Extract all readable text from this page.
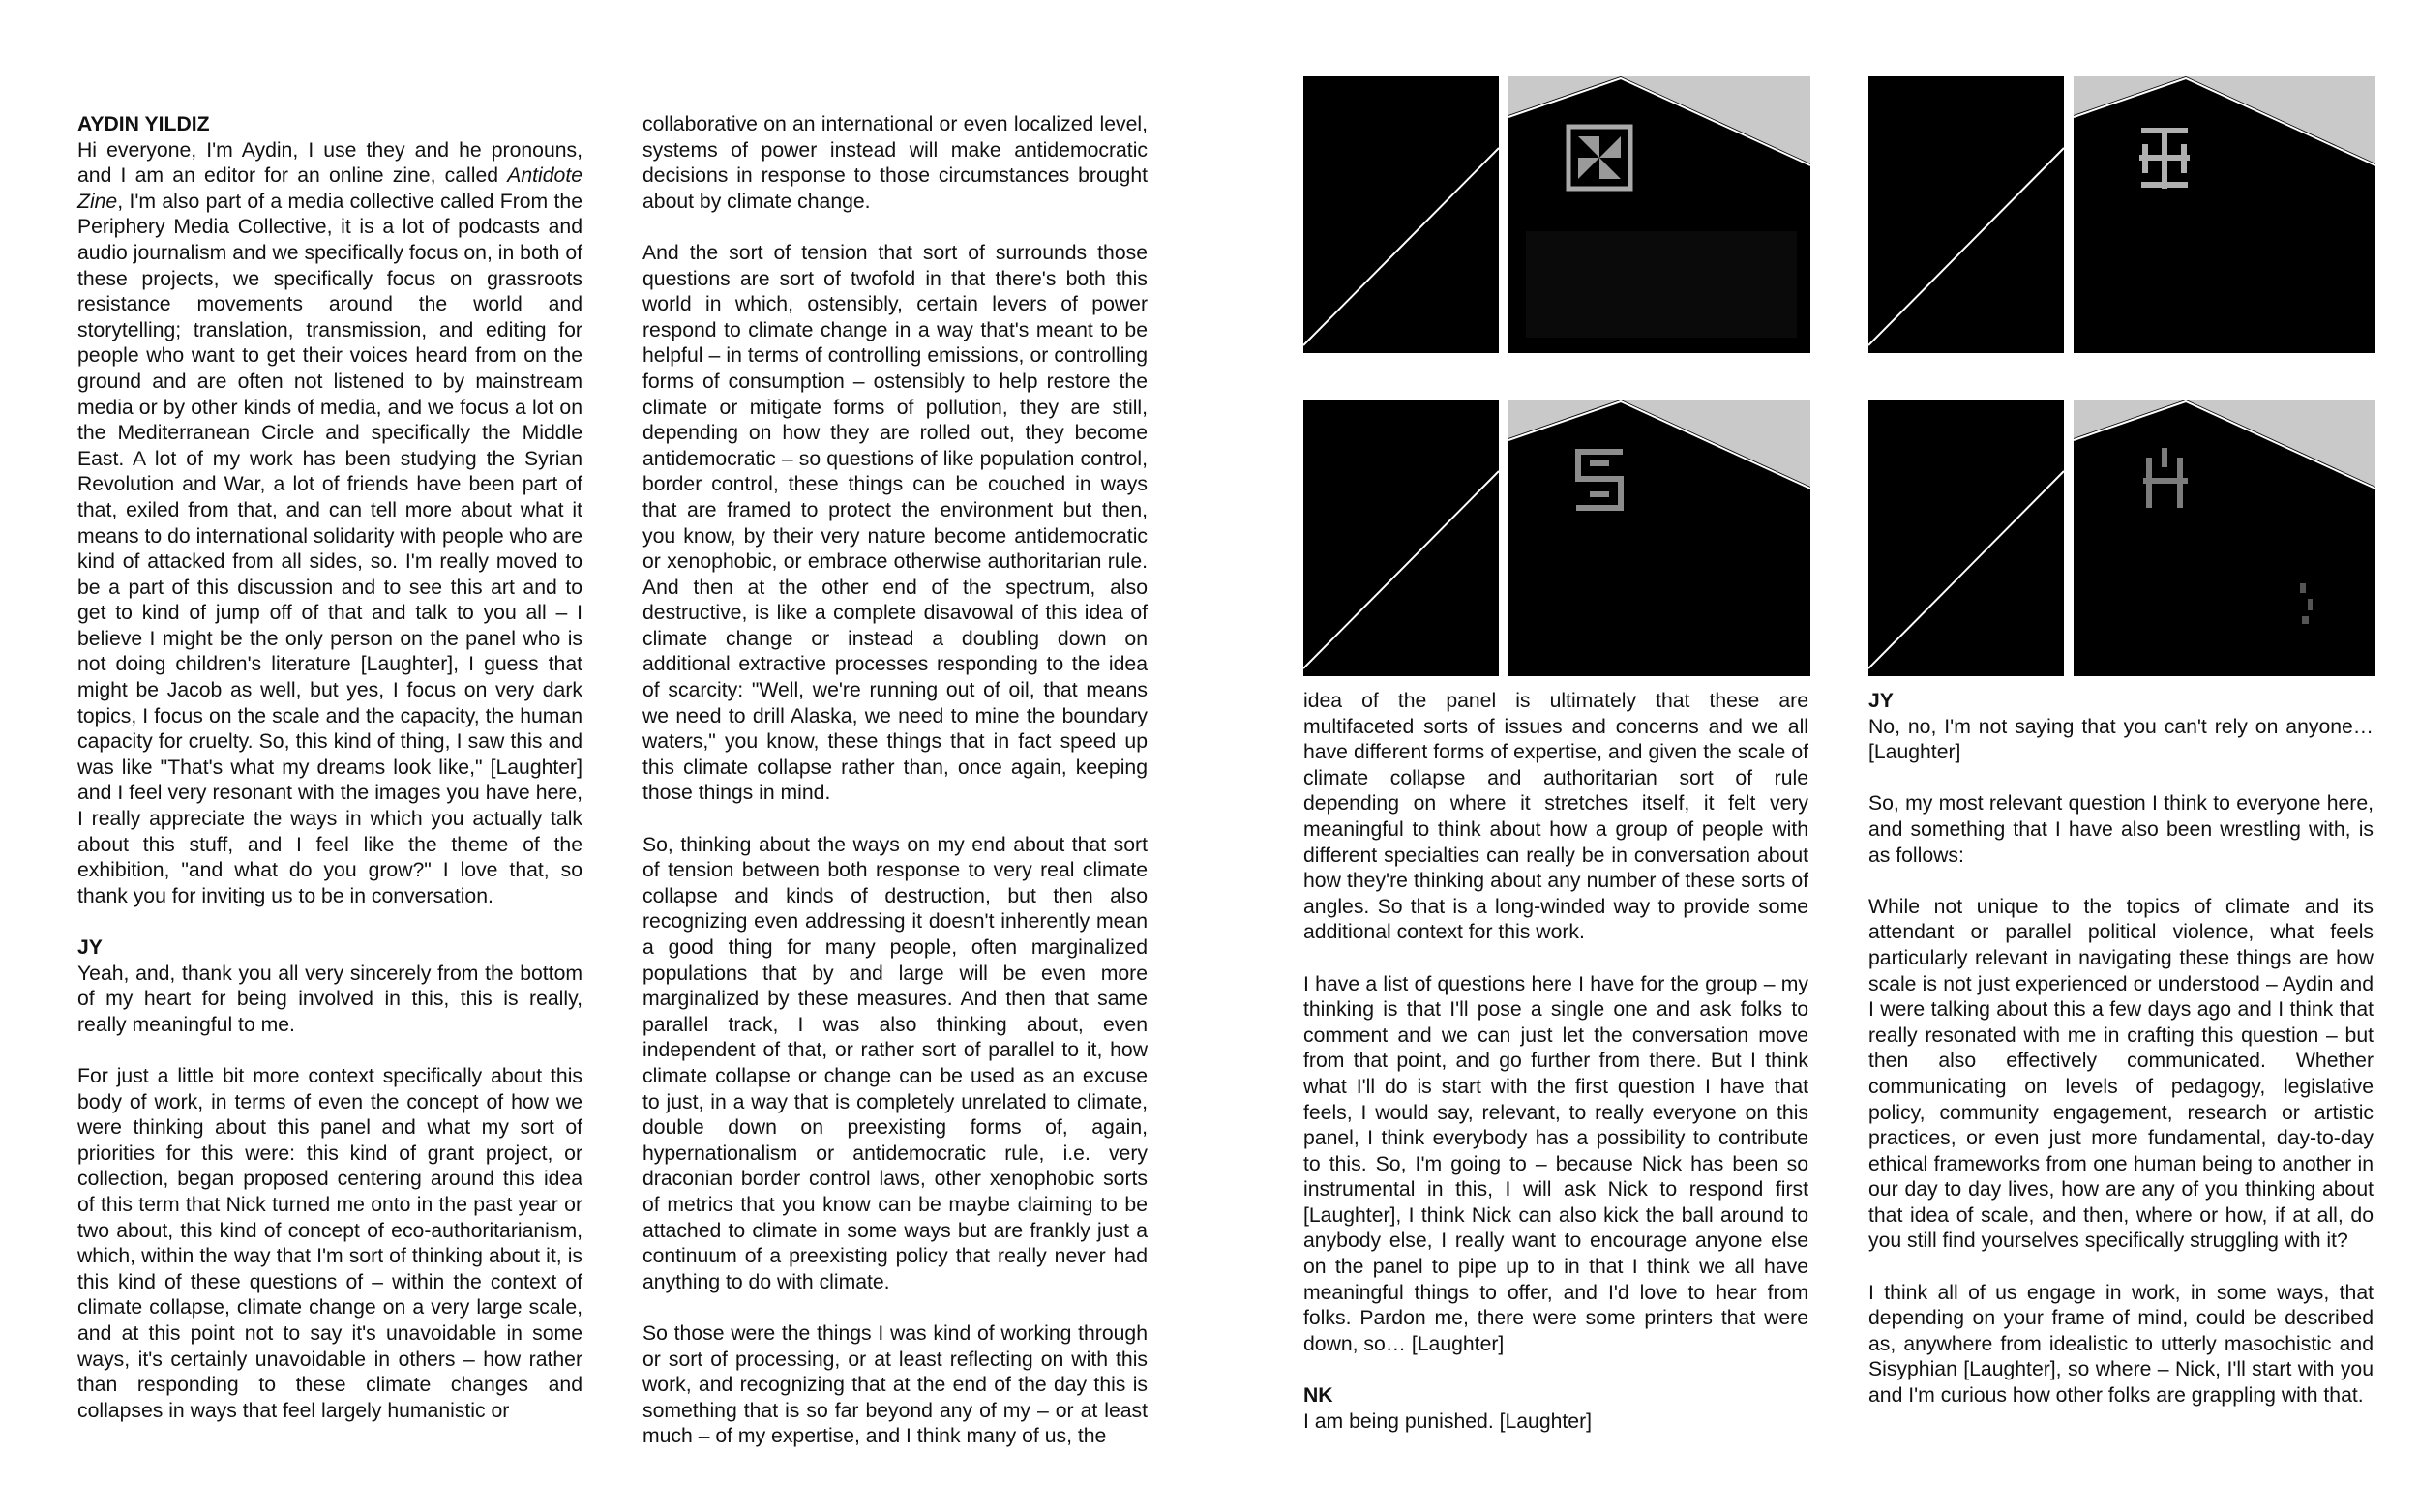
AYDIN YILDIZ
Hi everyone, I'm Aydin, I use they and he pronouns, and I am an editor for an online zine, called Antidote Zine, I'm also part of a media collective called From the Periphery Media Collective, it is a lot of podcasts and audio journalism and we specifically focus on, in both of these projects, we specifically focus on grassroots resistance movements around the world and storytelling; translation, transmission, and editing for people who want to get their voices heard from on the ground and are often not listened to by mainstream media or by other kinds of media, and we focus a lot on the Mediterranean Circle and specifically the Middle East. A lot of my work has been studying the Syrian Revolution and War, a lot of friends have been part of that, exiled from that, and can tell more about what it means to do international solidarity with people who are kind of attacked from all sides, so. I'm really moved to be a part of this discussion and to see this art and to get to kind of jump off of that and talk to you all – I believe I might be the only person on the panel who is not doing children's literature [Laughter], I guess that might be Jacob as well, but yes, I focus on very dark topics, I focus on the scale and the capacity, the human capacity for cruelty. So, this kind of thing, I saw this and was like "That's what my dreams look like," [Laughter] and I feel very resonant with the images you have here, I really appreciate the ways in which you actually talk about this stuff, and I feel like the theme of the exhibition, "and what do you grow?" I love that, so thank you for inviting us to be in conversation.

JY
Yeah, and, thank you all very sincerely from the bottom of my heart for being involved in this, this is really, really meaningful to me.

For just a little bit more context specifically about this body of work, in terms of even the concept of how we were thinking about this panel and what my sort of priorities for this were: this kind of grant project, or collection, began proposed centering around this idea of this term that Nick turned me onto in the past year or two about, this kind of concept of eco-authoritarianism, which, within the way that I'm sort of thinking about it, is this kind of these questions of – within the context of climate collapse, climate change on a very large scale, and at this point not to say it's unavoidable in some ways, it's certainly unavoidable in others – how rather than responding to these climate changes and collapses in ways that feel largely humanistic or

collaborative on an international or even localized level, systems of power instead will make antidemocratic decisions in response to those circumstances brought about by climate change.

And the sort of tension that sort of surrounds those questions are sort of twofold in that there's both this world in which, ostensibly, certain levers of power respond to climate change in a way that's meant to be helpful – in terms of controlling emissions, or controlling forms of consumption – ostensibly to help restore the climate or mitigate forms of pollution, they are still, depending on how they are rolled out, they become antidemocratic – so questions of like population control, border control, these things can be couched in ways that are framed to protect the environment but then, you know, by their very nature become antidemocratic or xenophobic, or embrace otherwise authoritarian rule. And then at the other end of the spectrum, also destructive, is like a complete disavowal of this idea of climate change or instead a doubling down on additional extractive processes responding to the idea of scarcity: "Well, we're running out of oil, that means we need to drill Alaska, we need to mine the boundary waters," you know, these things that in fact speed up this climate collapse rather than, once again, keeping those things in mind.

So, thinking about the ways on my end about that sort of tension between both response to very real climate collapse and kinds of destruction, but then also recognizing even addressing it doesn't inherently mean a good thing for many people, often marginalized populations that by and large will be even more marginalized by these measures. And then that same parallel track, I was also thinking about, even independent of that, or rather sort of parallel to it, how climate collapse or change can be used as an excuse to just, in a way that is completely unrelated to climate, double down on preexisting forms of, again, hypernationalism or antidemocratic rule, i.e. very draconian border control laws, other xenophobic sorts of metrics that you know can be maybe claiming to be attached to climate in some ways but are frankly just a continuum of a preexisting policy that really never had anything to do with climate.

So those were the things I was kind of working through or sort of processing, or at least reflecting on with this work, and recognizing that at the end of the day this is something that is so far beyond any of my – or at least much – of my expertise, and I think many of us, the

idea of the panel is ultimately that these are multifaceted sorts of issues and concerns and we all have different forms of expertise, and given the scale of climate collapse and authoritarian sort of rule depending on where it stretches itself, it felt very meaningful to think about how a group of people with different specialties can really be in conversation about how they're thinking about any number of these sorts of angles. So that is a long-winded way to provide some additional context for this work.

I have a list of questions here I have for the group – my thinking is that I'll pose a single one and ask folks to comment and we can just let the conversation move from that point, and go further from there. But I think what I'll do is start with the first question I have that feels, I would say, relevant, to really everyone on this panel, I think everybody has a possibility to contribute to this. So, I'm going to – because Nick has been so instrumental in this, I will ask Nick to respond first [Laughter], I think Nick can also kick the ball around to anybody else, I really want to encourage anyone else on the panel to pipe up to in that I think we all have meaningful things to offer, and I'd love to hear from folks. Pardon me, there were some printers that were down, so… [Laughter]

NK
I am being punished. [Laughter]

JY
No, no, I'm not saying that you can't rely on anyone… [Laughter]

So, my most relevant question I think to everyone here, and something that I have also been wrestling with, is as follows:

While not unique to the topics of climate and its attendant or parallel political violence, what feels particularly relevant in navigating these things are how scale is not just experienced or understood – Aydin and I were talking about this a few days ago and I think that really resonated with me in crafting this question – but then also effectively communicated. Whether communicating on levels of pedagogy, legislative policy, community engagement, research or artistic practices, or even just more fundamental, day-to-day ethical frameworks from one human being to another in our day to day lives, how are any of you thinking about that idea of scale, and then, where or how, if at all, do you still find yourselves specifically struggling with it?

I think all of us engage in work, in some ways, that depending on your frame of mind, could be described as, anywhere from idealistic to utterly masochistic and Sisyphian [Laughter], so where – Nick, I'll start with you and I'm curious how other folks are grappling with that.
